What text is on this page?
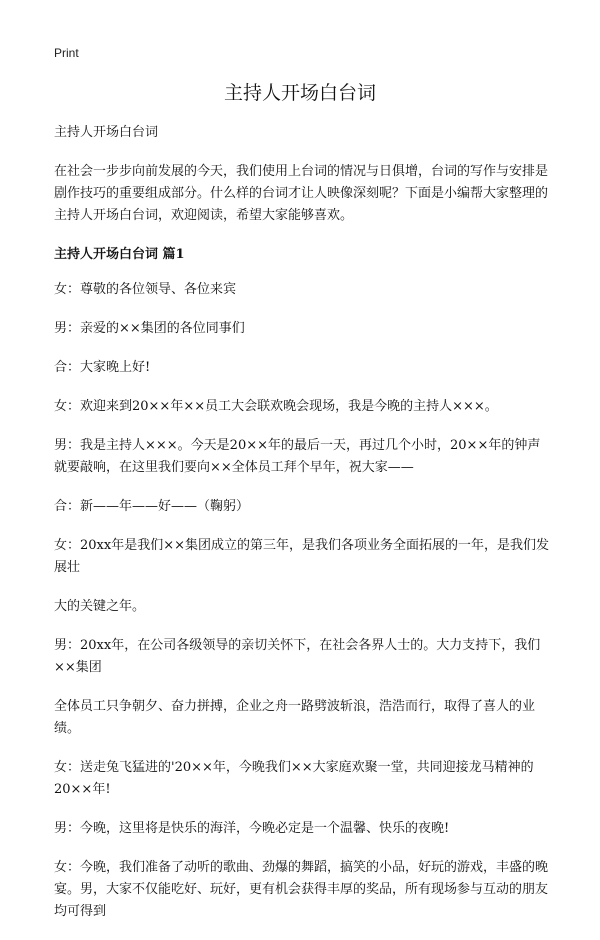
Print
主持人开场白台词

主持人开场白台词

在社会一步步向前发展的今天，我们使用上台词的情况与日俱增，台词的写作与安排是剧作技巧的重要组成部分。什么样的台词才让人映像深刻呢？下面是小编帮大家整理的主持人开场白台词，欢迎阅读，希望大家能够喜欢。

主持人开场白台词 篇1

女：尊敬的各位领导、各位来宾

男：亲爱的××集团的各位同事们

合：大家晚上好!

女：欢迎来到20××年××员工大会联欢晚会现场，我是今晚的主持人×××。

男：我是主持人×××。今天是20××年的最后一天，再过几个小时，20××年的钟声就要敲响，在这里我们要向××全体员工拜个早年，祝大家——

合：新——年——好——（鞠躬）

女：20xx年是我们××集团成立的第三年，是我们各项业务全面拓展的一年，是我们发展壮

大的关键之年。

男：20xx年，在公司各级领导的亲切关怀下，在社会各界人士的。大力支持下，我们××集团

全体员工只争朝夕、奋力拼搏，企业之舟一路劈波斩浪，浩浩而行，取得了喜人的业绩。

女：送走兔飞猛进的'20××年，今晚我们××大家庭欢聚一堂，共同迎接龙马精神的20××年!

男：今晚，这里将是快乐的海洋，今晚必定是一个温馨、快乐的夜晚!

女：今晚，我们准备了动听的歌曲、劲爆的舞蹈，搞笑的小品，好玩的游戏，丰盛的晚宴。男，大家不仅能吃好、玩好，更有机会获得丰厚的奖品，所有现场参与互动的朋友均可得到
